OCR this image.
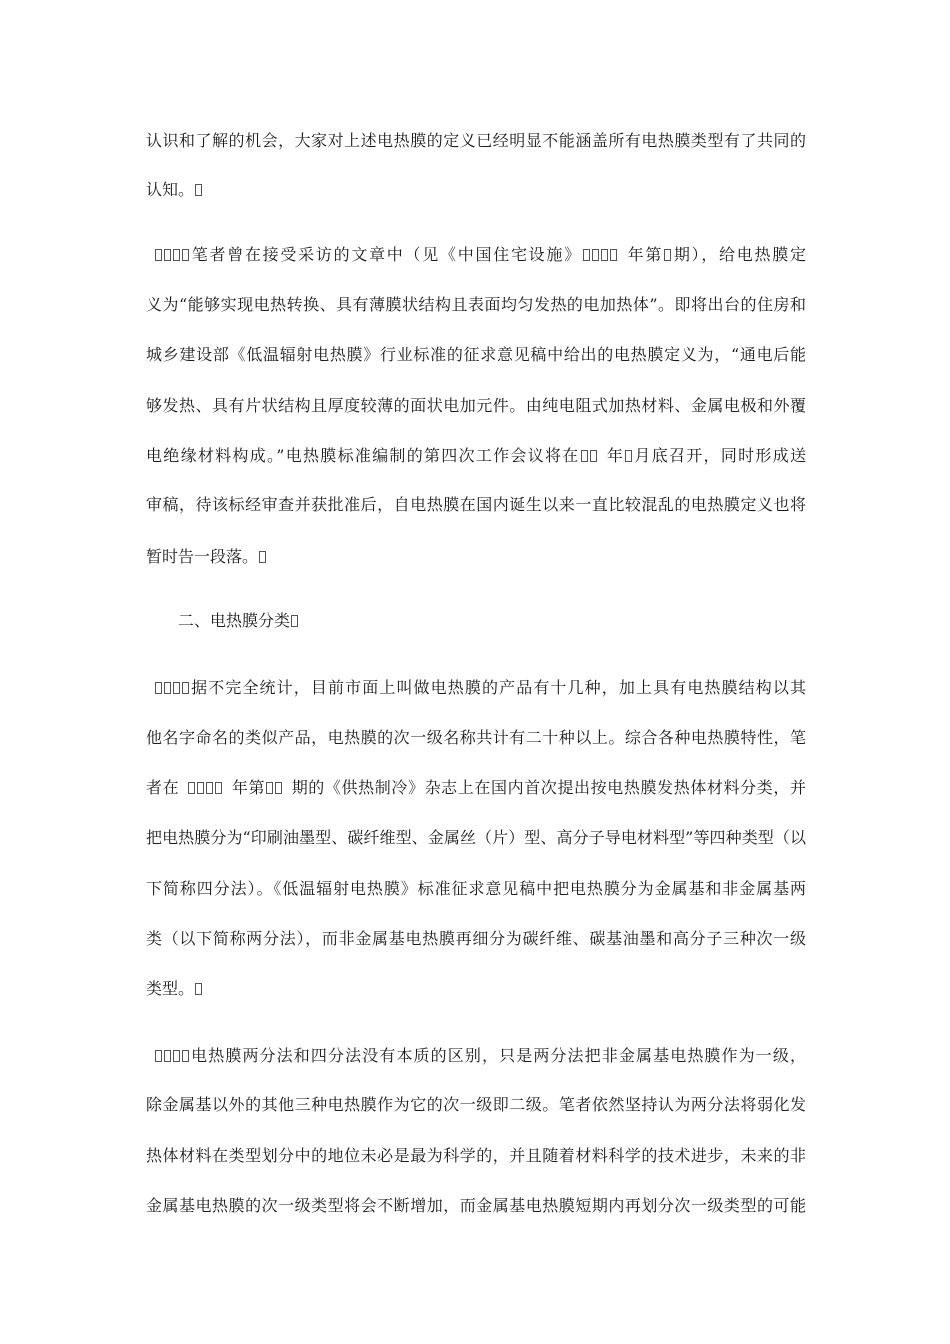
认识和了解的机会，大家对上述电热膜的定义已经明显不能涵盖所有电热膜类型有了共同的
认知。
笔者曾在接受采访的文章中（见《中国住宅设施》	年第 期），给电热膜定
义为“能够实现电热转换、具有薄膜状结构且表面均匀发热的电加热体”。即将出台的住房和
城乡建设部《低温辐射电热膜》行业标准的征求意见稿中给出的电热膜定义为，“通电后能
够发热、具有片状结构且厚度较薄的面状电加元件。由纯电阻式加热材料、金属电极和外覆
电绝缘材料构成。”电热膜标准编制的第四次工作会议将在 年 月底召开，同时形成送
审稿，待该标经审查并获批准后，自电热膜在国内诞生以来一直比较混乱的电热膜定义也将
暂时告一段落。
二、电热膜分类
据不完全统计，目前市面上叫做电热膜的产品有十几种，加上具有电热膜结构以其
他名字命名的类似产品，电热膜的次一级名称共计有二十种以上。综合各种电热膜特性，笔
者在	年第 期的《供热制冷》杂志上在国内首次提出按电热膜发热体材料分类，并
把电热膜分为“印刷油墨型、碳纤维型、金属丝（片）型、高分子导电材料型”等四种类型（以
下简称四分法）。《低温辐射电热膜》标准征求意见稿中把电热膜分为金属基和非金属基两
类（以下简称两分法），而非金属基电热膜再细分为碳纤维、碳基油墨和高分子三种次一级
类型。
电热膜两分法和四分法没有本质的区别，只是两分法把非金属基电热膜作为一级，
除金属基以外的其他三种电热膜作为它的次一级即二级。笔者依然坚持认为两分法将弱化发
热体材料在类型划分中的地位未必是最为科学的，并且随着材料科学的技术进步，未来的非
金属基电热膜的次一级类型将会不断增加，而金属基电热膜短期内再划分次一级类型的可能
